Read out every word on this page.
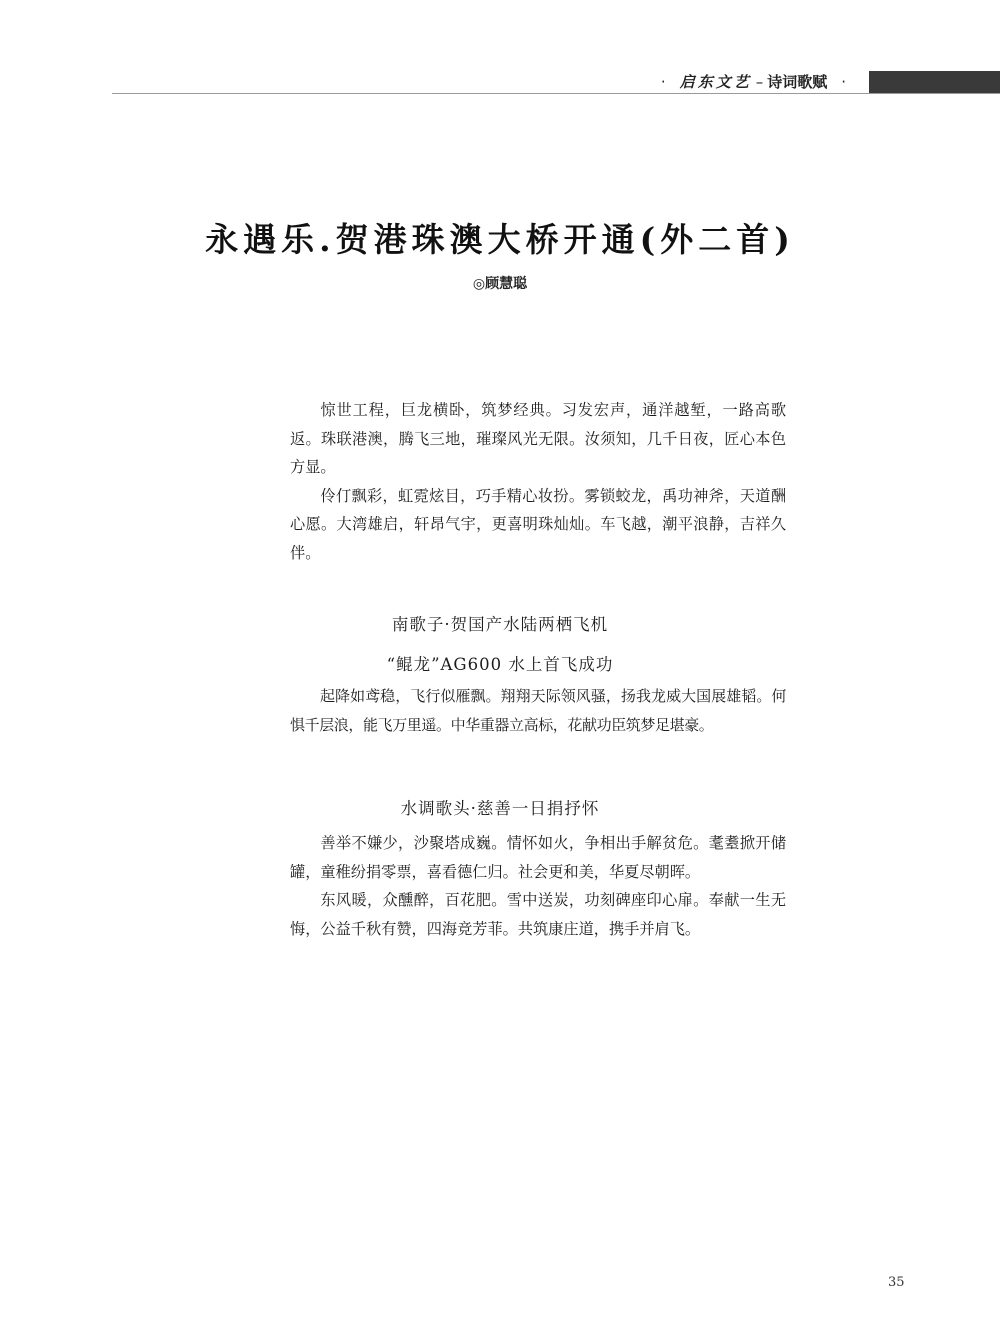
· 启东文艺 – 诗词歌赋 ·
永遇乐.贺港珠澳大桥开通(外二首)
◎顾慧聪

惊世工程，巨龙横卧，筑梦经典。习发宏声，通洋越堑，一路高歌返。珠联港澳，腾飞三地，璀璨风光无限。汝须知，几千日夜，匠心本色方显。

伶仃飘彩，虹霓炫目，巧手精心妆扮。雾锁蛟龙，禹功神斧，天道酬心愿。大湾雄启，轩昂气宇，更喜明珠灿灿。车飞越，潮平浪静，吉祥久伴。

南歌子·贺国产水陆两栖飞机
“鲲龙”AG600 水上首飞成功

起降如鸢稳，飞行似雁飘。翔翔天际领风骚，扬我龙威大国展雄韬。何惧千层浪，能飞万里遥。中华重器立高标，花献功臣筑梦足堪豪。

水调歌头·慈善一日捐抒怀

善举不嫌少，沙聚塔成巍。情怀如火，争相出手解贫危。耄耋掀开储罐，童稚纷捐零票，喜看德仁归。社会更和美，华夏尽朝晖。

东风暖，众醺醉，百花肥。雪中送炭，功刻碑座印心扉。奉献一生无悔，公益千秋有赞，四海竞芳菲。共筑康庄道，携手并肩飞。

35
